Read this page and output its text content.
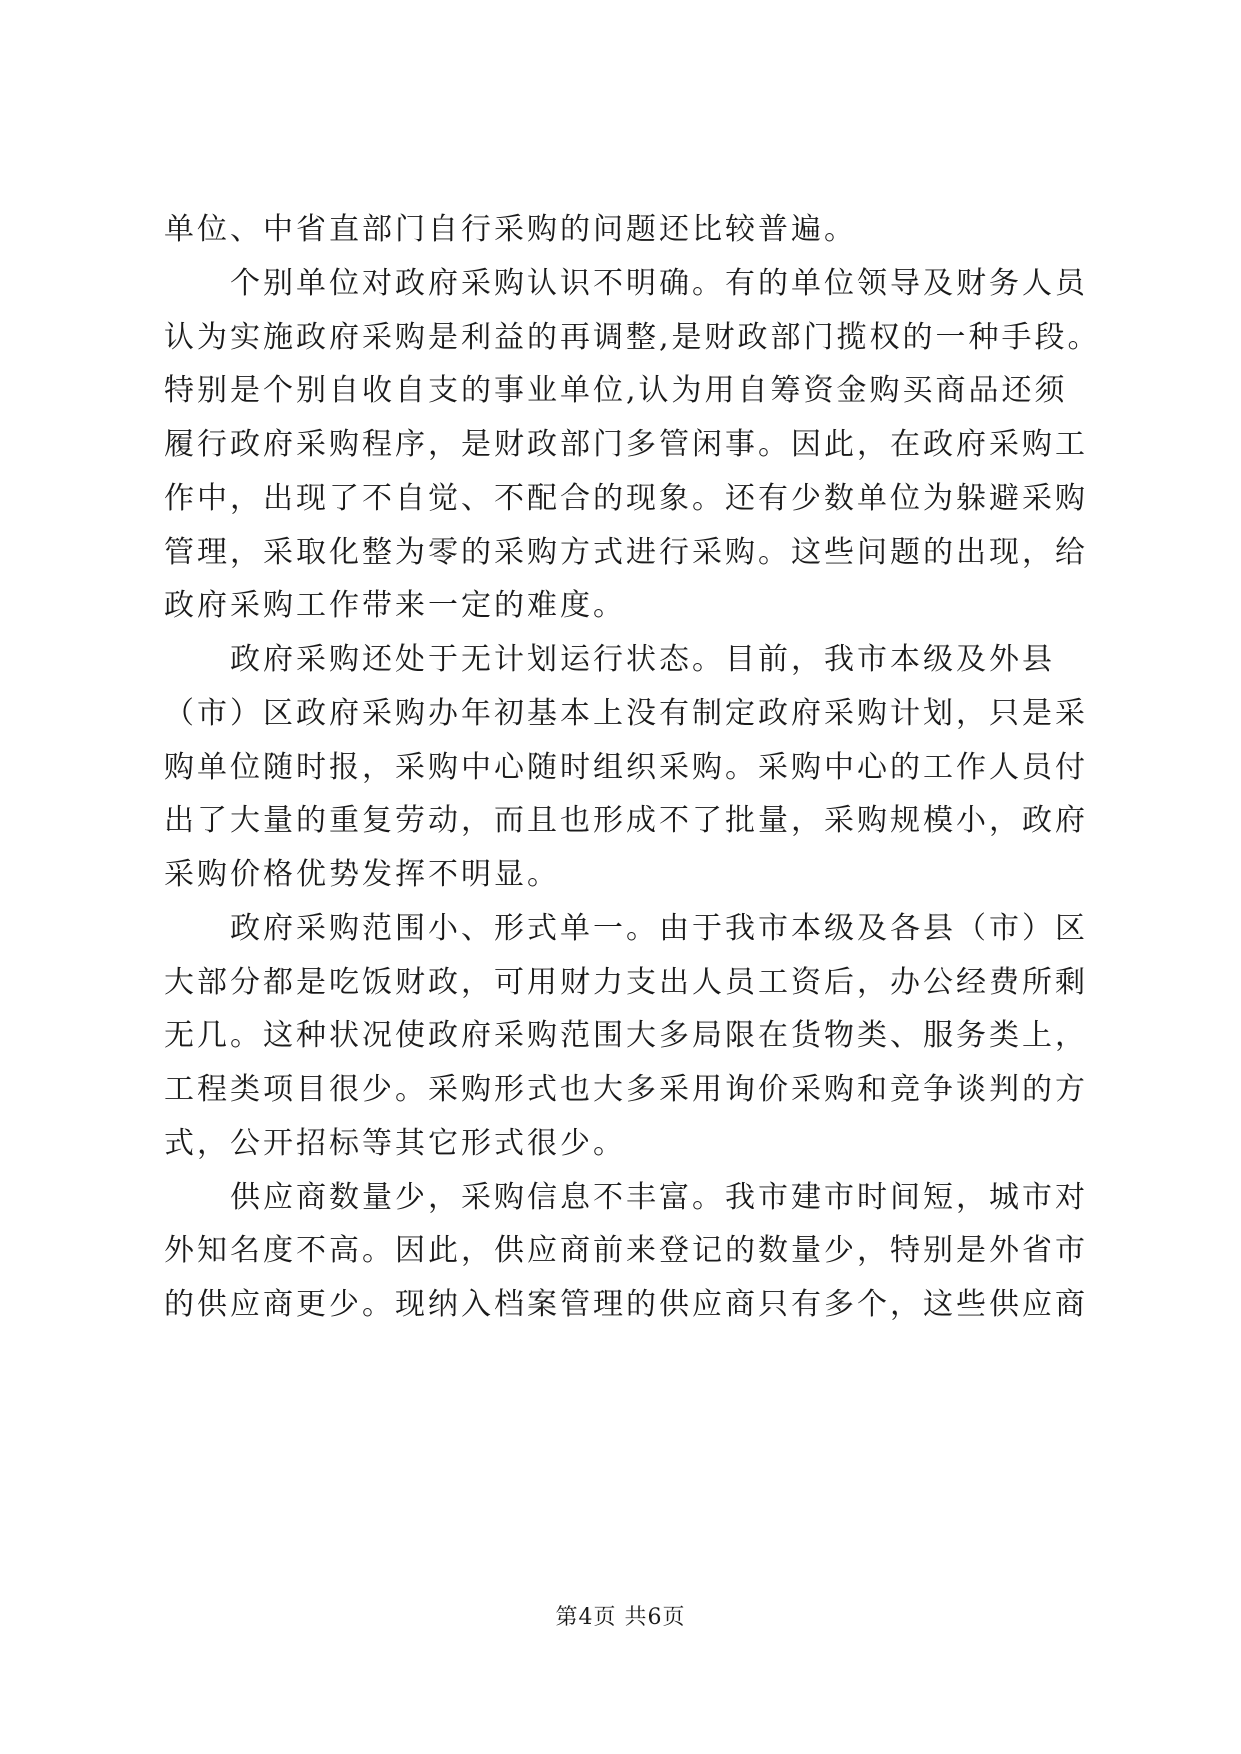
单位、中省直部门自行采购的问题还比较普遍。
个别单位对政府采购认识不明确。有的单位领导及财务人员
认为实施政府采购是利益的再调整,是财政部门揽权的一种手段。
特别是个别自收自支的事业单位,认为用自筹资金购买商品还须
履行政府采购程序，是财政部门多管闲事。因此，在政府采购工
作中，出现了不自觉、不配合的现象。还有少数单位为躲避采购
管理，采取化整为零的采购方式进行采购。这些问题的出现，给
政府采购工作带来一定的难度。
政府采购还处于无计划运行状态。目前，我市本级及外县
（市）区政府采购办年初基本上没有制定政府采购计划，只是采
购单位随时报，采购中心随时组织采购。采购中心的工作人员付
出了大量的重复劳动，而且也形成不了批量，采购规模小，政府
采购价格优势发挥不明显。
政府采购范围小、形式单一。由于我市本级及各县（市）区
大部分都是吃饭财政，可用财力支出人员工资后，办公经费所剩
无几。这种状况使政府采购范围大多局限在货物类、服务类上，
工程类项目很少。采购形式也大多采用询价采购和竞争谈判的方
式，公开招标等其它形式很少。
供应商数量少，采购信息不丰富。我市建市时间短，城市对
外知名度不高。因此，供应商前来登记的数量少，特别是外省市
的供应商更少。现纳入档案管理的供应商只有多个，这些供应商
第4页 共6页
